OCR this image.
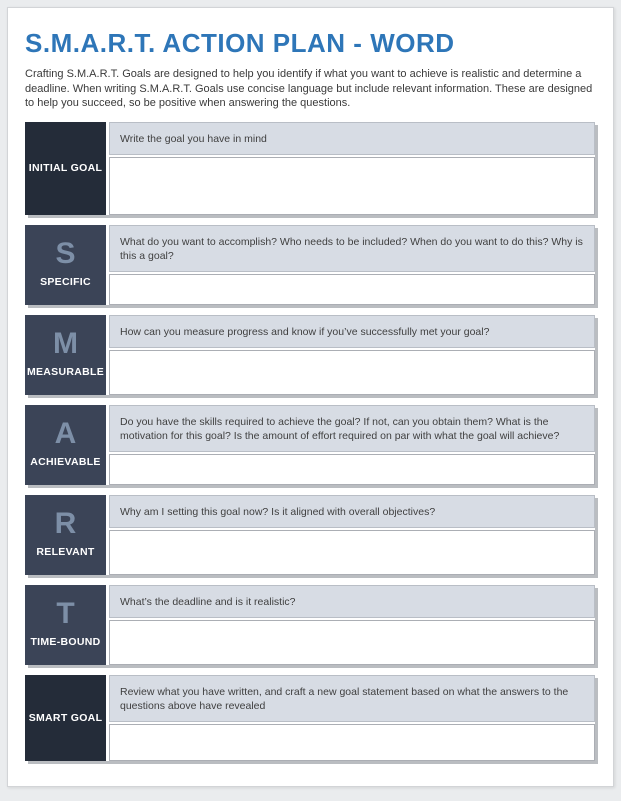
S.M.A.R.T. ACTION PLAN - WORD

Crafting S.M.A.R.T. Goals are designed to help you identify if what you want to achieve is realistic and determine a deadline. When writing S.M.A.R.T. Goals use concise language but include relevant information. These are designed to help you succeed, so be positive when answering the questions.

INITIAL GOAL
Write the goal you have in mind
S
SPECIFIC
What do you want to accomplish? Who needs to be included? When do you want to do this? Why is this a goal?
M
MEASURABLE
How can you measure progress and know if you’ve successfully met your goal?
A
ACHIEVABLE
Do you have the skills required to achieve the goal? If not, can you obtain them? What is the motivation for this goal? Is the amount of effort required on par with what the goal will achieve?
R
RELEVANT
Why am I setting this goal now? Is it aligned with overall objectives?
T
TIME-BOUND
What’s the deadline and is it realistic?
SMART GOAL
Review what you have written, and craft a new goal statement based on what the answers to the questions above have revealed
